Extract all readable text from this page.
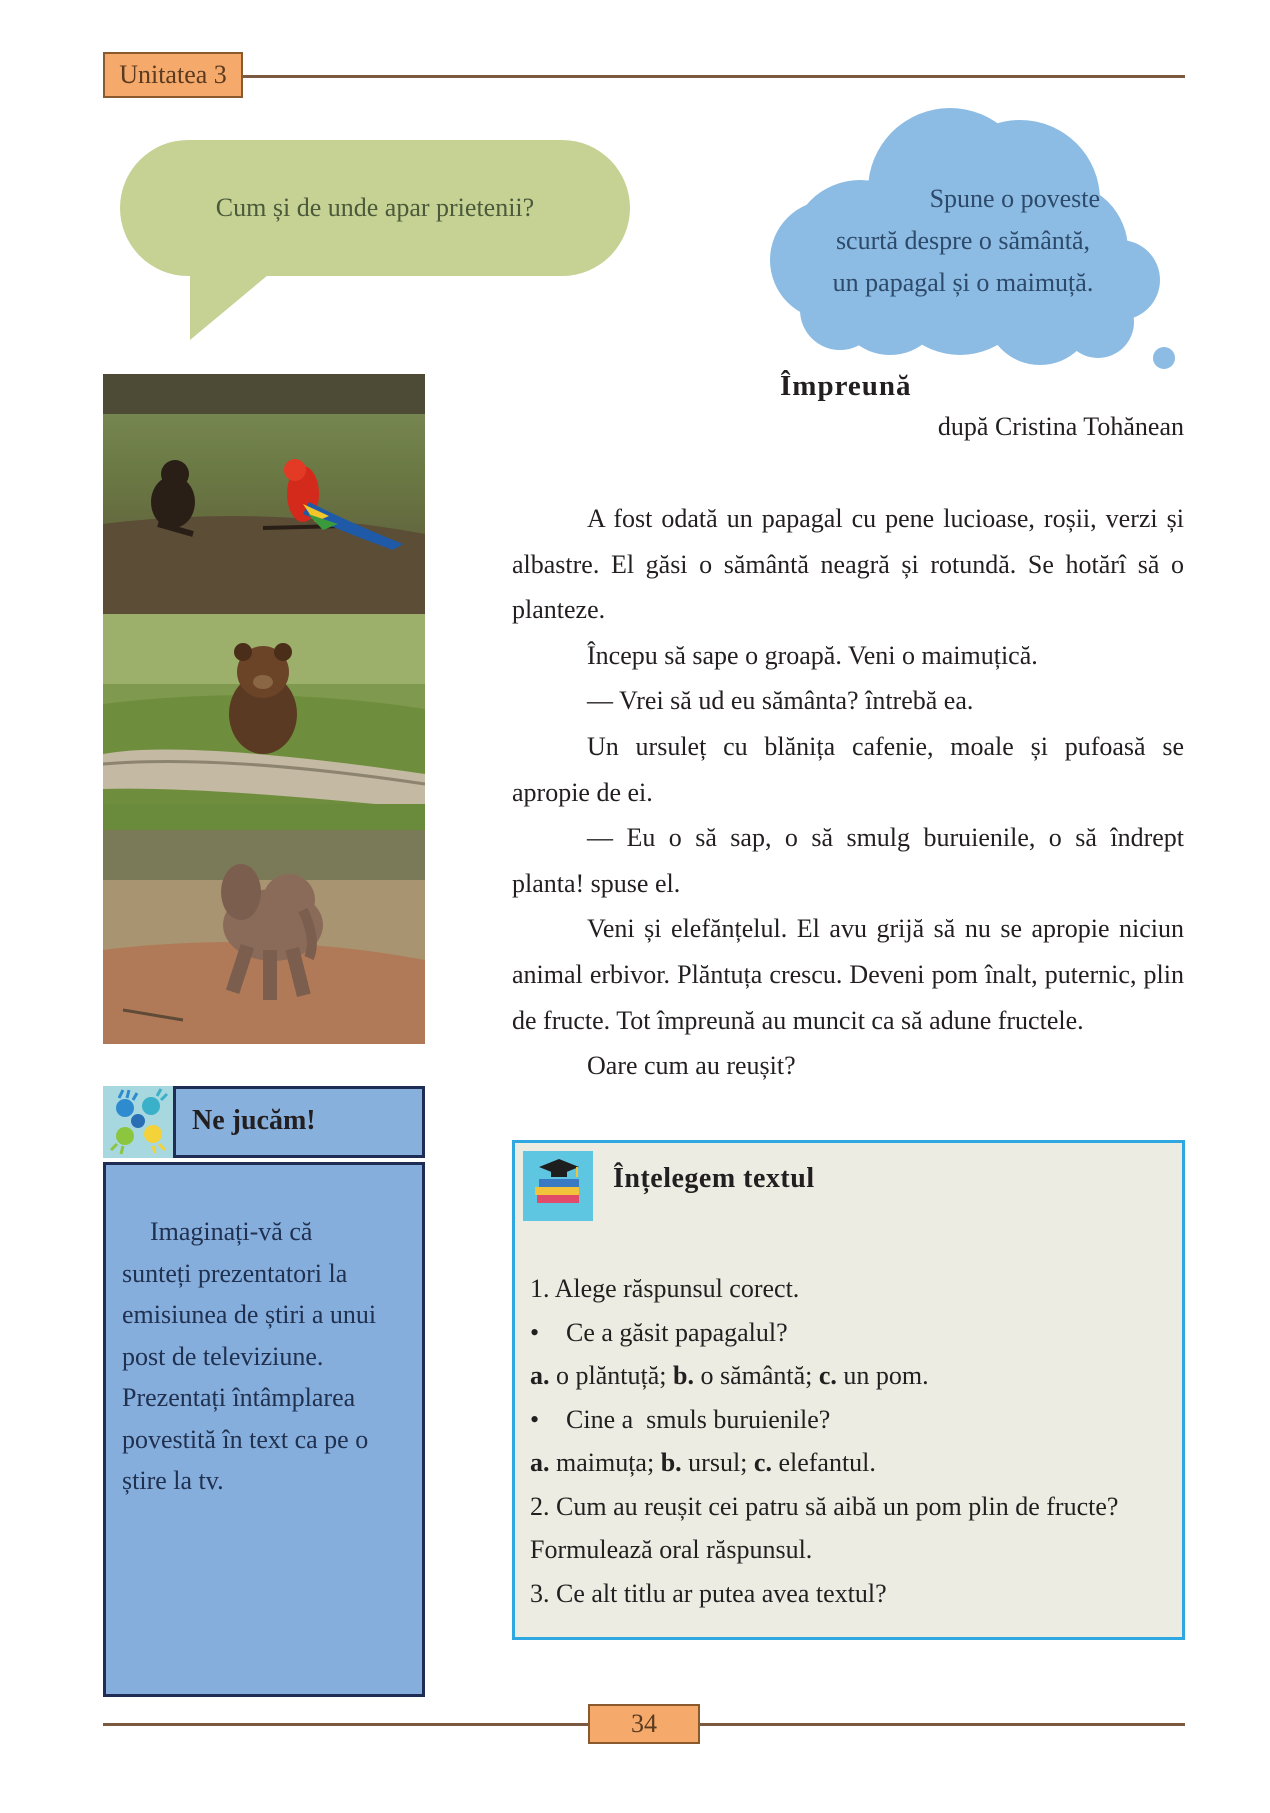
Unitatea 3
Cum și de unde apar prietenii?	Spune o poveste
scurtă despre o sământă,
un papagal și o maimuță.
Împreună
după Cristina Tohănean

A fost odată un papagal cu pene lucioase, roșii, verzi și albastre. El găsi o sământă neagră și rotundă. Se hotărî să o planteze.

Începu să sape o groapă. Veni o maimuțică.

— Vrei să ud eu sământa? întrebă ea.

Un ursuleț cu blănița cafenie, moale și pufoasă se apropie de ei.

— Eu o să sap, o să smulg buruienile, o să îndrept planta! spuse el.

Veni și elefănțelul. El avu grijă să nu se apropie niciun animal erbivor. Plăntuța crescu. Deveni pom înalt, puternic, plin de fructe. Tot împreună au muncit ca să adune fructele.

Oare cum au reușit?

Ne jucăm!
Imaginați-vă că
sunteți prezentatori la
emisiunea de știri a unui
post de televiziune.
Prezentați întâmplarea
povestită în text ca pe o
știre la tv.
Înțelegem textul
1. Alege răspunsul corect.
• Ce a găsit papagalul?
a. o plăntuță; b. o sământă; c. un pom.
• Cine a  smuls buruienile?
a. maimuța; b. ursul; c. elefantul.
2. Cum au reușit cei patru să aibă un pom plin de fructe?
Formulează oral răspunsul.
3. Ce alt titlu ar putea avea textul?
34
